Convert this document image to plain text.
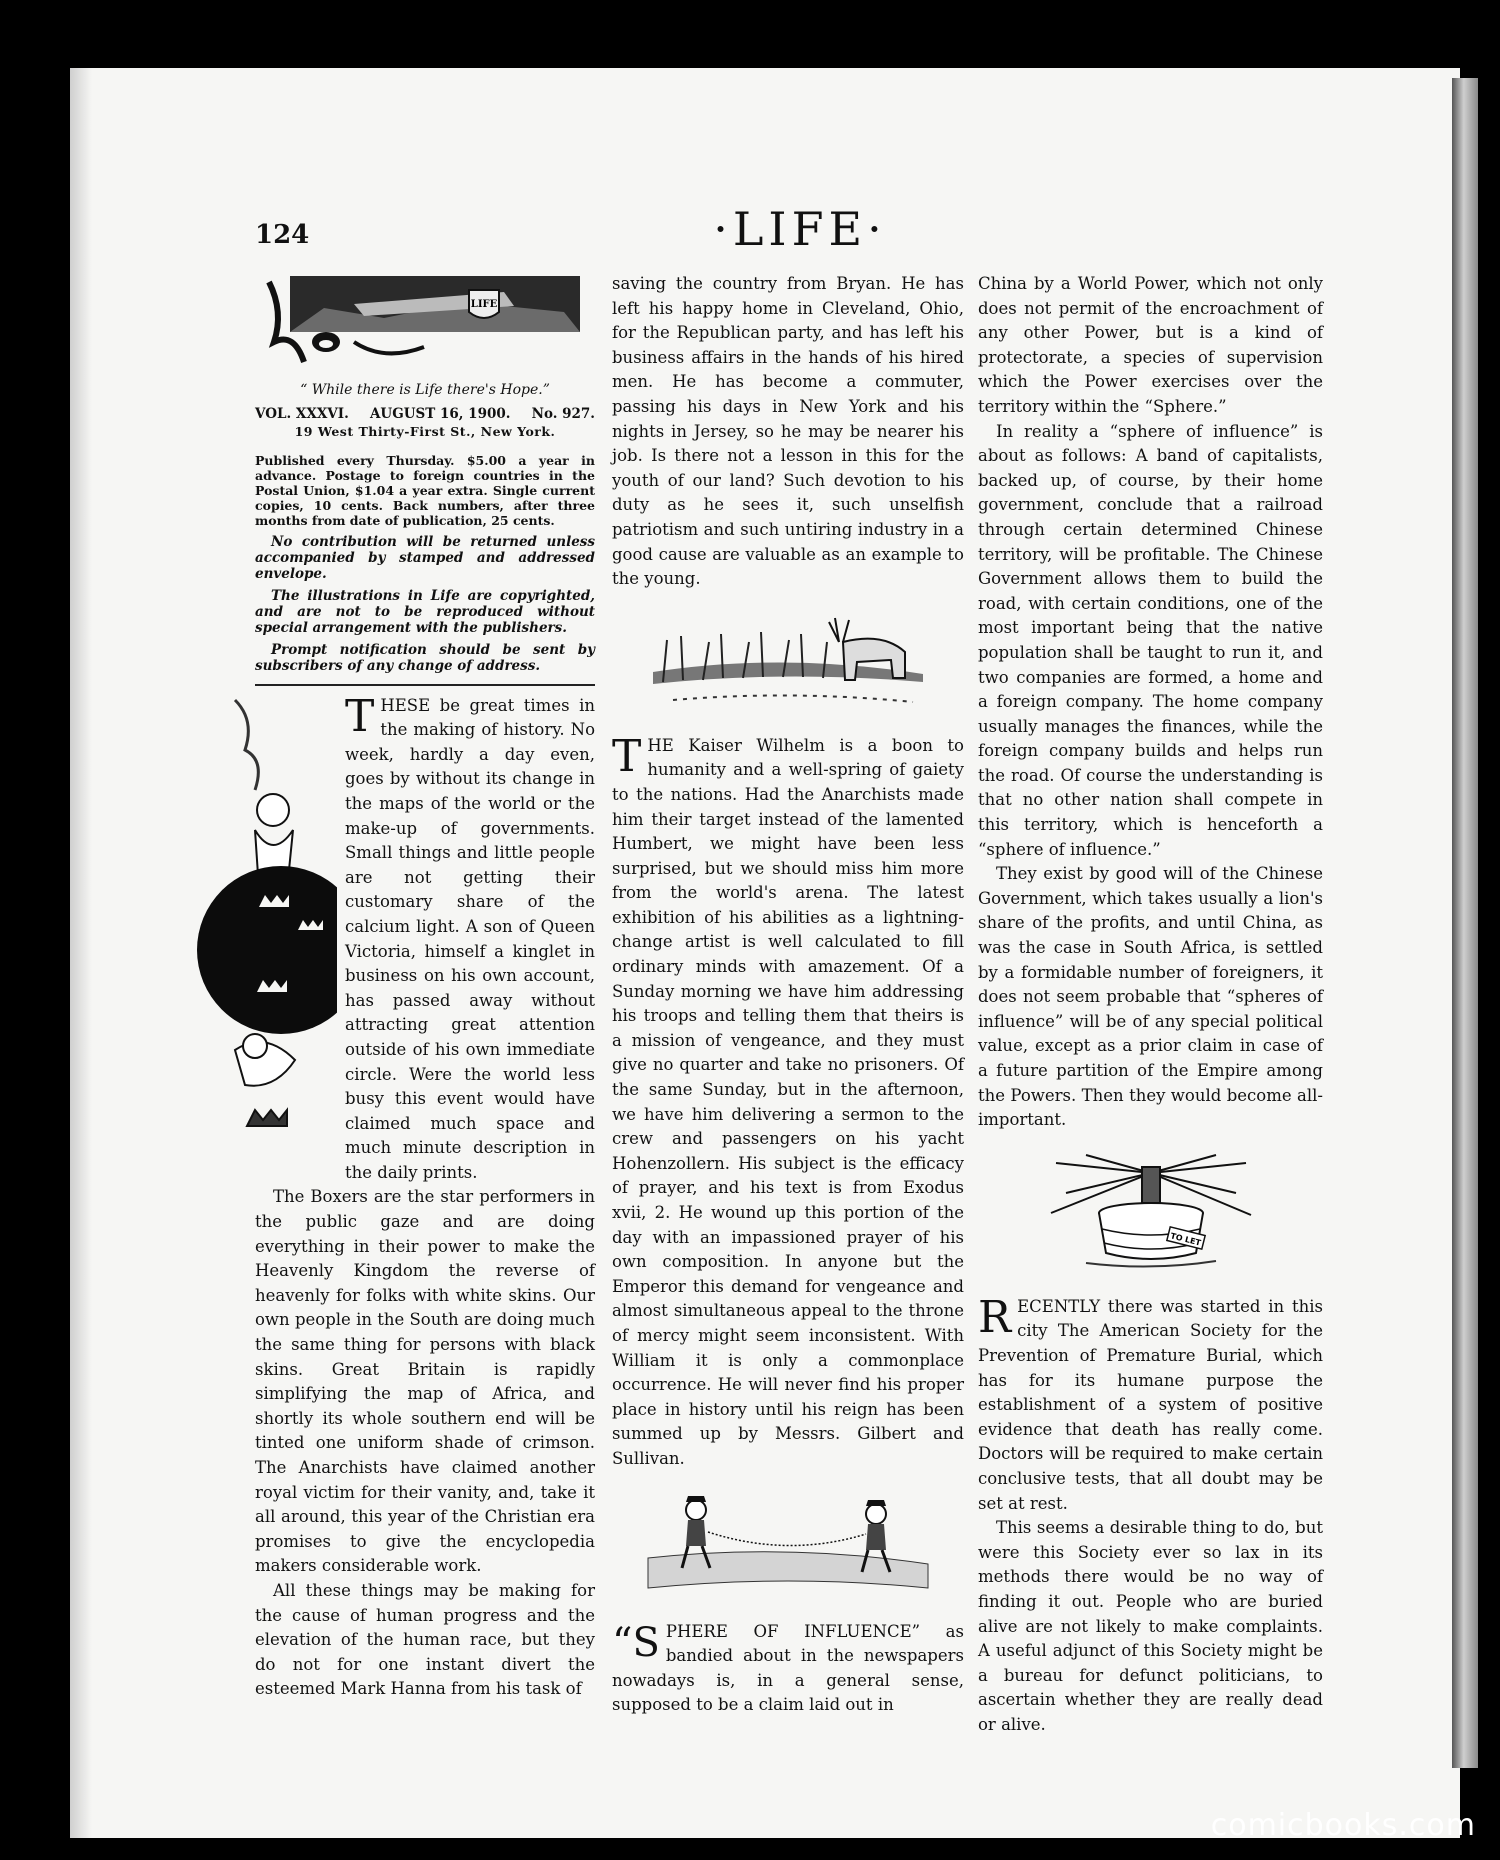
124	·LIFE·
LIFE
“ While there is Life there's Hope.”
VOL. XXXVI. AUGUST 16, 1900. No. 927.
19 West Thirty-First St., New York.
Published every Thursday. $5.00 a year in advance. Postage to foreign countries in the Postal Union, $1.04 a year extra. Single current copies, 10 cents. Back numbers, after three months from date of publication, 25 cents.
No contribution will be returned unless accompanied by stamped and addressed envelope.
The illustrations in Life are copyrighted, and are not to be reproduced without special arrangement with the publishers.
Prompt notification should be sent by subscribers of any change of address.

THESE be great times in the making of history. No week, hardly a day even, goes by without its change in the maps of the world or the make-up of governments. Small things and little people are not getting their customary share of the calcium light. A son of Queen Victoria, himself a kinglet in business on his own account, has passed away without attracting great attention outside of his own immediate circle. Were the world less busy this event would have claimed much space and much minute description in the daily prints.

The Boxers are the star performers in the public gaze and are doing everything in their power to make the Heavenly Kingdom the reverse of heavenly for folks with white skins. Our own people in the South are doing much the same thing for persons with black skins. Great Britain is rapidly simplifying the map of Africa, and shortly its whole southern end will be tinted one uniform shade of crimson. The Anarchists have claimed another royal victim for their vanity, and, take it all around, this year of the Christian era promises to give the encyclopedia makers considerable work.

All these things may be making for the cause of human progress and the elevation of the human race, but they do not for one instant divert the esteemed Mark Hanna from his task of

saving the country from Bryan. He has left his happy home in Cleveland, Ohio, for the Republican party, and has left his business affairs in the hands of his hired men. He has become a commuter, passing his days in New York and his nights in Jersey, so he may be nearer his job. Is there not a lesson in this for the youth of our land? Such devotion to his duty as he sees it, such unselfish patriotism and such untiring industry in a good cause are valuable as an example to the young.

THE Kaiser Wilhelm is a boon to humanity and a well-spring of gaiety to the nations. Had the Anarchists made him their target instead of the lamented Humbert, we might have been less surprised, but we should miss him more from the world's arena. The latest exhibition of his abilities as a lightning-change artist is well calculated to fill ordinary minds with amazement. Of a Sunday morning we have him addressing his troops and telling them that theirs is a mission of vengeance, and they must give no quarter and take no prisoners. Of the same Sunday, but in the afternoon, we have him delivering a sermon to the crew and passengers on his yacht Hohenzollern. His subject is the efficacy of prayer, and his text is from Exodus xvii, 2. He wound up this portion of the day with an impassioned prayer of his own composition. In anyone but the Emperor this demand for vengeance and almost simultaneous appeal to the throne of mercy might seem inconsistent. With William it is only a commonplace occurrence. He will never find his proper place in history until his reign has been summed up by Messrs. Gilbert and Sullivan.

“SPHERE OF INFLUENCE” as bandied about in the newspapers nowadays is, in a general sense, supposed to be a claim laid out in

China by a World Power, which not only does not permit of the encroachment of any other Power, but is a kind of protectorate, a species of supervision which the Power exercises over the territory within the “Sphere.”

In reality a “sphere of influence” is about as follows: A band of capitalists, backed up, of course, by their home government, conclude that a railroad through certain determined Chinese territory, will be profitable. The Chinese Government allows them to build the road, with certain conditions, one of the most important being that the native population shall be taught to run it, and two companies are formed, a home and a foreign company. The home company usually manages the finances, while the foreign company builds and helps run the road. Of course the understanding is that no other nation shall compete in this territory, which is henceforth a “sphere of influence.”

They exist by good will of the Chinese Government, which takes usually a lion's share of the profits, and until China, as was the case in South Africa, is settled by a formidable number of foreigners, it does not seem probable that “spheres of influence” will be of any special political value, except as a prior claim in case of a future partition of the Empire among the Powers. Then they would become all-important.

TO LET

RECENTLY there was started in this city The American Society for the Prevention of Premature Burial, which has for its humane purpose the establishment of a system of positive evidence that death has really come. Doctors will be required to make certain conclusive tests, that all doubt may be set at rest.

This seems a desirable thing to do, but were this Society ever so lax in its methods there would be no way of finding it out. People who are buried alive are not likely to make complaints. A useful adjunct of this Society might be a bureau for defunct politicians, to ascertain whether they are really dead or alive.

comicbooks.com
